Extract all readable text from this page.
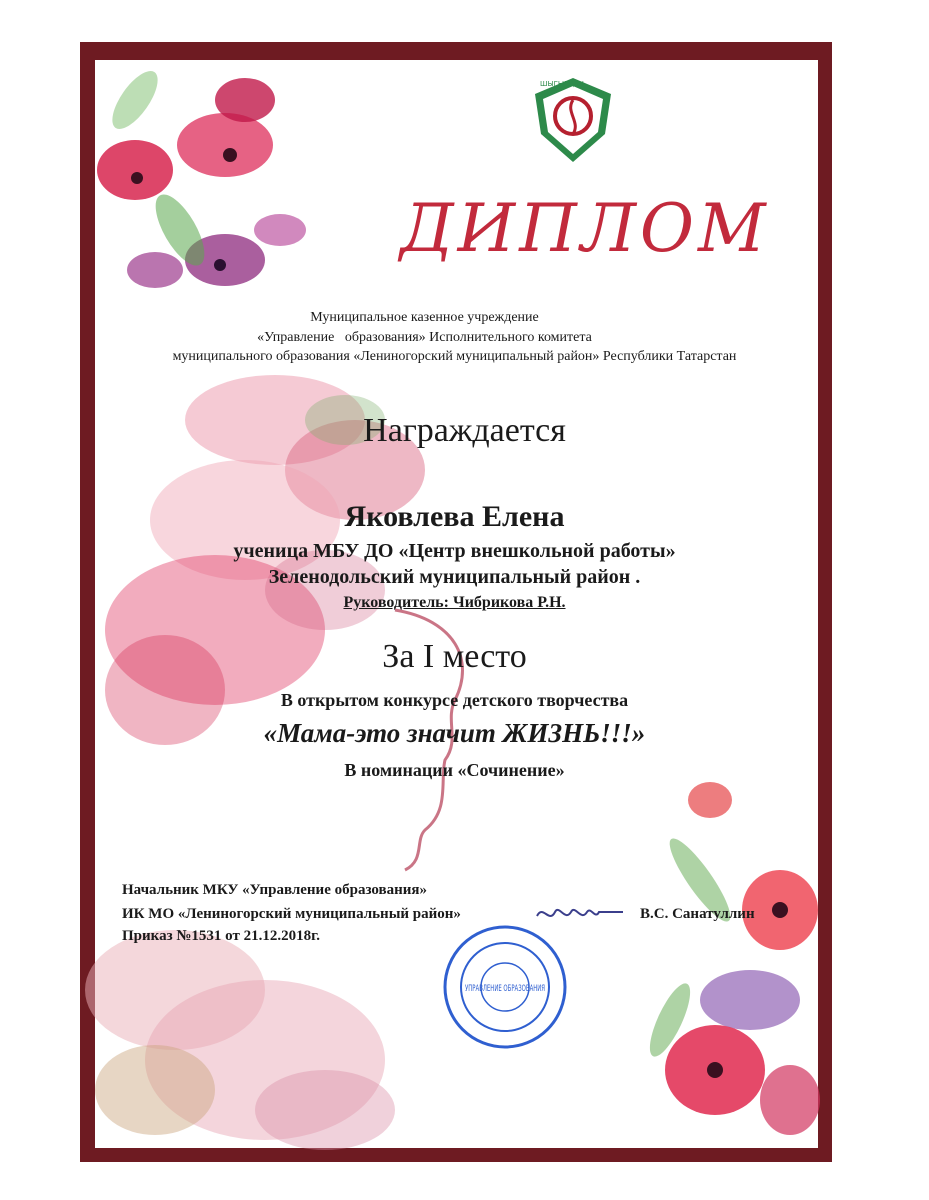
ШЫГЫРДАН
ДИПЛОМ
Муниципальное казенное учреждение
«Управление   образования» Исполнительного комитета
муниципального образования «Лениногорский муниципальный район» Республики Татарстан
Награждается
Яковлева Елена
ученица МБУ ДО «Центр внешкольной работы»
Зеленодольский муниципальный район .
Руководитель: Чибрикова Р.Н.
За I место
В открытом конкурсе детского творчества
«Мама-это значит ЖИЗНЬ!!!»
В номинации «Сочинение»
Начальник МКУ «Управление образования»
ИК МО «Лениногорский муниципальный район»
Приказ №1531 от 21.12.2018г.
В.С. Санатуллин
УПРАВЛЕНИЕ ОБРАЗОВАНИЯ
